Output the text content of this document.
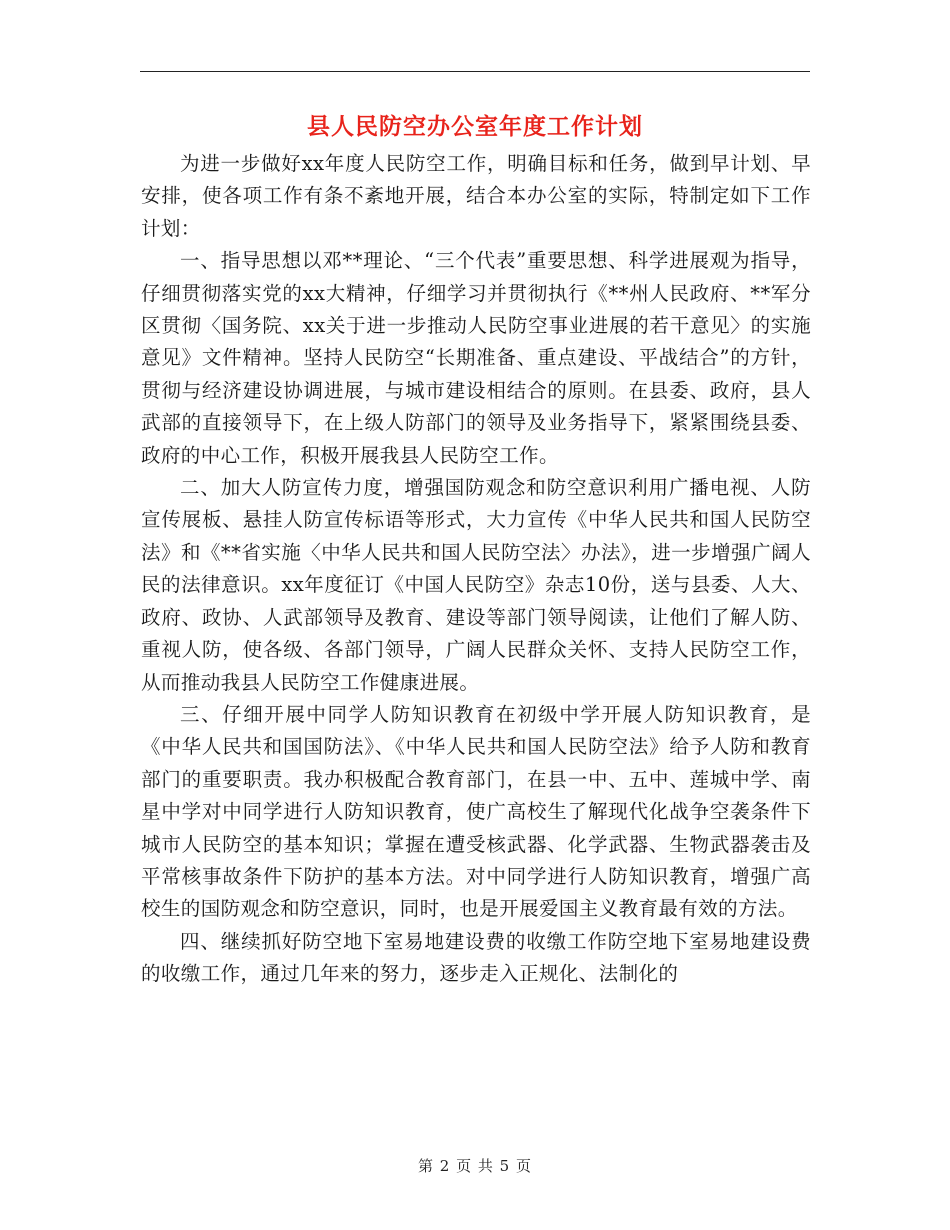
县人民防空办公室年度工作计划

为进一步做好xx年度人民防空工作，明确目标和任务，做到早计划、早安排，使各项工作有条不紊地开展，结合本办公室的实际，特制定如下工作计划：

一、指导思想以邓**理论、“三个代表”重要思想、科学进展观为指导，仔细贯彻落实党的xx大精神，仔细学习并贯彻执行《**州人民政府、**军分区贯彻〈国务院、xx关于进一步推动人民防空事业进展的若干意见〉的实施意见》文件精神。坚持人民防空“长期准备、重点建设、平战结合”的方针，贯彻与经济建设协调进展，与城市建设相结合的原则。在县委、政府，县人武部的直接领导下，在上级人防部门的领导及业务指导下，紧紧围绕县委、政府的中心工作，积极开展我县人民防空工作。

二、加大人防宣传力度，增强国防观念和防空意识利用广播电视、人防宣传展板、悬挂人防宣传标语等形式，大力宣传《中华人民共和国人民防空法》和《**省实施〈中华人民共和国人民防空法〉办法》，进一步增强广阔人民的法律意识。xx年度征订《中国人民防空》杂志10份，送与县委、人大、政府、政协、人武部领导及教育、建设等部门领导阅读，让他们了解人防、重视人防，使各级、各部门领导，广阔人民群众关怀、支持人民防空工作，从而推动我县人民防空工作健康进展。

三、仔细开展中同学人防知识教育在初级中学开展人防知识教育，是《中华人民共和国国防法》、《中华人民共和国人民防空法》给予人防和教育部门的重要职责。我办积极配合教育部门，在县一中、五中、莲城中学、南星中学对中同学进行人防知识教育，使广高校生了解现代化战争空袭条件下城市人民防空的基本知识；掌握在遭受核武器、化学武器、生物武器袭击及平常核事故条件下防护的基本方法。对中同学进行人防知识教育，增强广高校生的国防观念和防空意识，同时，也是开展爱国主义教育最有效的方法。

四、继续抓好防空地下室易地建设费的收缴工作防空地下室易地建设费的收缴工作，通过几年来的努力，逐步走入正规化、法制化的

第 2 页 共 5 页
